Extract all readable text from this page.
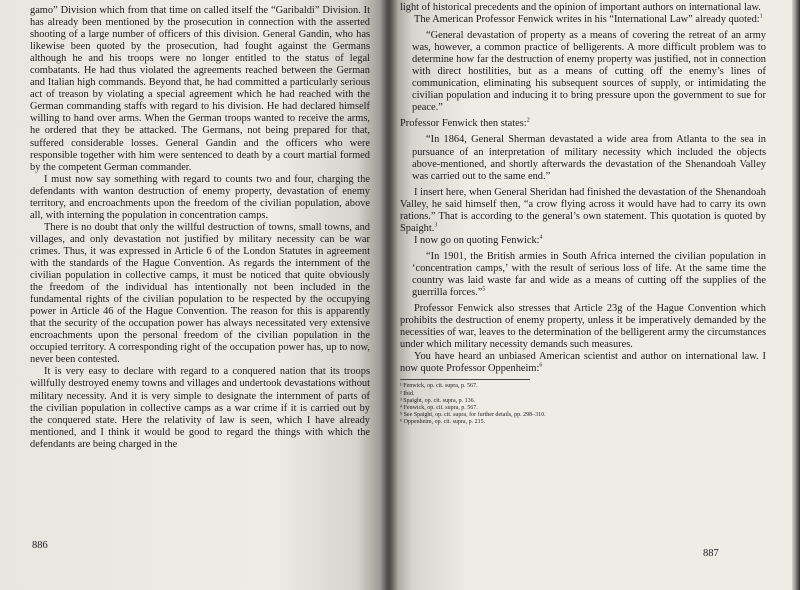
gamo” Division which from that time on called itself the “Garibaldi” Division. It has already been mentioned by the prosecution in connection with the asserted shooting of a large number of officers of this division. General Gandin, who has likewise been quoted by the prosecution, had fought against the Germans although he and his troops were no longer entitled to the status of legal combatants. He had thus violated the agreements reached between the German and Italian high commands. Beyond that, he had committed a particularly serious act of treason by violating a special agreement which he had reached with the German commanding staffs with regard to his division. He had declared himself willing to hand over arms. When the German troops wanted to receive the arms, he ordered that they be attacked. The Germans, not being prepared for that, suffered considerable losses. General Gandin and the officers who were responsible together with him were sentenced to death by a court martial formed by the competent German commander.

I must now say something with regard to counts two and four, charging the defendants with wanton destruction of enemy property, devastation of enemy territory, and encroachments upon the freedom of the civilian population, above all, with interning the population in concentration camps.

There is no doubt that only the willful destruction of towns, small towns, and villages, and only devastation not justified by military necessity can be war crimes. Thus, it was expressed in Article 6 of the London Statutes in agreement with the standards of the Hague Convention. As regards the internment of the civilian population in collective camps, it must be noticed that quite obviously the freedom of the individual has intentionally not been included in the fundamental rights of the civilian population to be respected by the occupying power in Article 46 of the Hague Convention. The reason for this is apparently that the security of the occupation power has always necessitated very extensive encroachments upon the personal freedom of the civilian population in the occupied territory. A corresponding right of the occupation power has, up to now, never been contested.

It is very easy to declare with regard to a conquered nation that its troops willfully destroyed enemy towns and villages and undertook devastations without military necessity. And it is very simple to designate the internment of parts of the civilian population in collective camps as a war crime if it is carried out by the conquered state. Here the relativity of law is seen, which I have already mentioned, and I think it would be good to regard the things with which the defendants are being charged in the

886

light of historical precedents and the opinion of important authors on international law.

The American Professor Fenwick writes in his “International Law” already quoted:$^1$

“General devastation of property as a means of covering the retreat of an army was, however, a common practice of belligerents. A more difficult problem was to determine how far the destruction of enemy property was justified, not in connection with direct hostilities, but as a means of cutting off the enemy’s lines of communication, eliminating his subsequent sources of supply, or intimidating the civilian population and inducing it to bring pressure upon the government to sue for peace.”

Professor Fenwick then states:$^2$

“In 1864, General Sherman devastated a wide area from Atlanta to the sea in pursuance of an interpretation of military necessity which included the objects above-mentioned, and shortly afterwards the devastation of the Shenandoah Valley was carried out to the same end.”

I insert here, when General Sheridan had finished the devastation of the Shenandoah Valley, he said himself then, “a crow flying across it would have had to carry its own rations.” That is according to the general’s own statement. This quotation is quoted by Spaight.$^3$

I now go on quoting Fenwick:$^4$

“In 1901, the British armies in South Africa interned the civilian population in ‘concentration camps,’ with the result of serious loss of life. At the same time the country was laid waste far and wide as a means of cutting off the supplies of the guerrilla forces.”$^5$

Professor Fenwick also stresses that Article 23g of the Hague Convention which prohibits the destruction of enemy property, unless it be imperatively demanded by the necessities of war, leaves to the determination of the belligerent army the circumstances under which military necessity demands such measures.

You have heard an unbiased American scientist and author on international law. I now quote Professor Oppenheim:$^6$

¹ Fenwick, op. cit. supra, p. 567.
² Ibid.
³ Spaight, op. cit. supra, p. 136.
⁴ Fenwick, op. cit. supra, p. 567.
⁵ See Spaight, op. cit. supra, for further details, pp. 298–310.
⁶ Oppenheim, op. cit. supra, p. 215.
887
